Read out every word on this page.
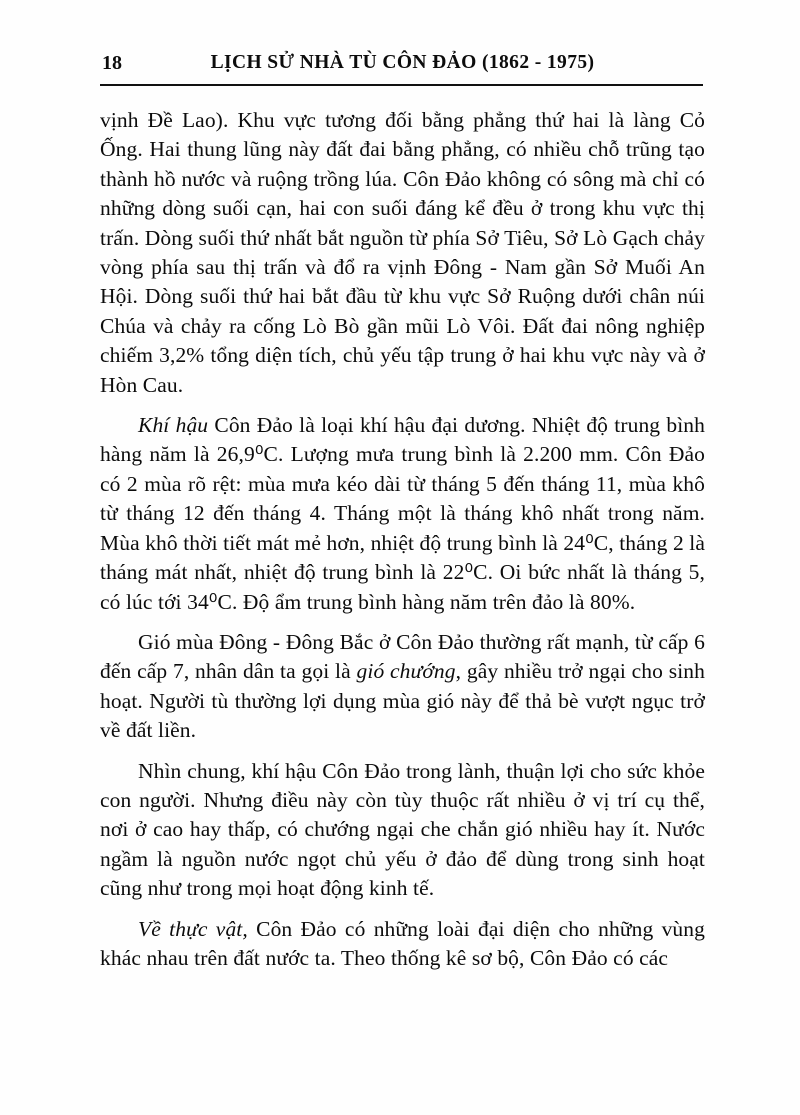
18	LỊCH SỬ NHÀ TÙ CÔN ĐẢO (1862 - 1975)

vịnh Đề Lao). Khu vực tương đối bằng phẳng thứ hai là làng Cỏ Ống. Hai thung lũng này đất đai bằng phẳng, có nhiều chỗ trũng tạo thành hồ nước và ruộng trồng lúa. Côn Đảo không có sông mà chỉ có những dòng suối cạn, hai con suối đáng kể đều ở trong khu vực thị trấn. Dòng suối thứ nhất bắt nguồn từ phía Sở Tiêu, Sở Lò Gạch chảy vòng phía sau thị trấn và đổ ra vịnh Đông - Nam gần Sở Muối An Hội. Dòng suối thứ hai bắt đầu từ khu vực Sở Ruộng dưới chân núi Chúa và chảy ra cống Lò Bò gần mũi Lò Vôi. Đất đai nông nghiệp chiếm 3,2% tổng diện tích, chủ yếu tập trung ở hai khu vực này và ở Hòn Cau.

Khí hậu Côn Đảo là loại khí hậu đại dương. Nhiệt độ trung bình hàng năm là 26,9⁰C. Lượng mưa trung bình là 2.200 mm. Côn Đảo có 2 mùa rõ rệt: mùa mưa kéo dài từ tháng 5 đến tháng 11, mùa khô từ tháng 12 đến tháng 4. Tháng một là tháng khô nhất trong năm. Mùa khô thời tiết mát mẻ hơn, nhiệt độ trung bình là 24⁰C, tháng 2 là tháng mát nhất, nhiệt độ trung bình là 22⁰C. Oi bức nhất là tháng 5, có lúc tới 34⁰C. Độ ẩm trung bình hàng năm trên đảo là 80%.

Gió mùa Đông - Đông Bắc ở Côn Đảo thường rất mạnh, từ cấp 6 đến cấp 7, nhân dân ta gọi là gió chướng, gây nhiều trở ngại cho sinh hoạt. Người tù thường lợi dụng mùa gió này để thả bè vượt ngục trở về đất liền.

Nhìn chung, khí hậu Côn Đảo trong lành, thuận lợi cho sức khỏe con người. Nhưng điều này còn tùy thuộc rất nhiều ở vị trí cụ thể, nơi ở cao hay thấp, có chướng ngại che chắn gió nhiều hay ít. Nước ngầm là nguồn nước ngọt chủ yếu ở đảo để dùng trong sinh hoạt cũng như trong mọi hoạt động kinh tế.

Về thực vật, Côn Đảo có những loài đại diện cho những vùng khác nhau trên đất nước ta. Theo thống kê sơ bộ, Côn Đảo có các
